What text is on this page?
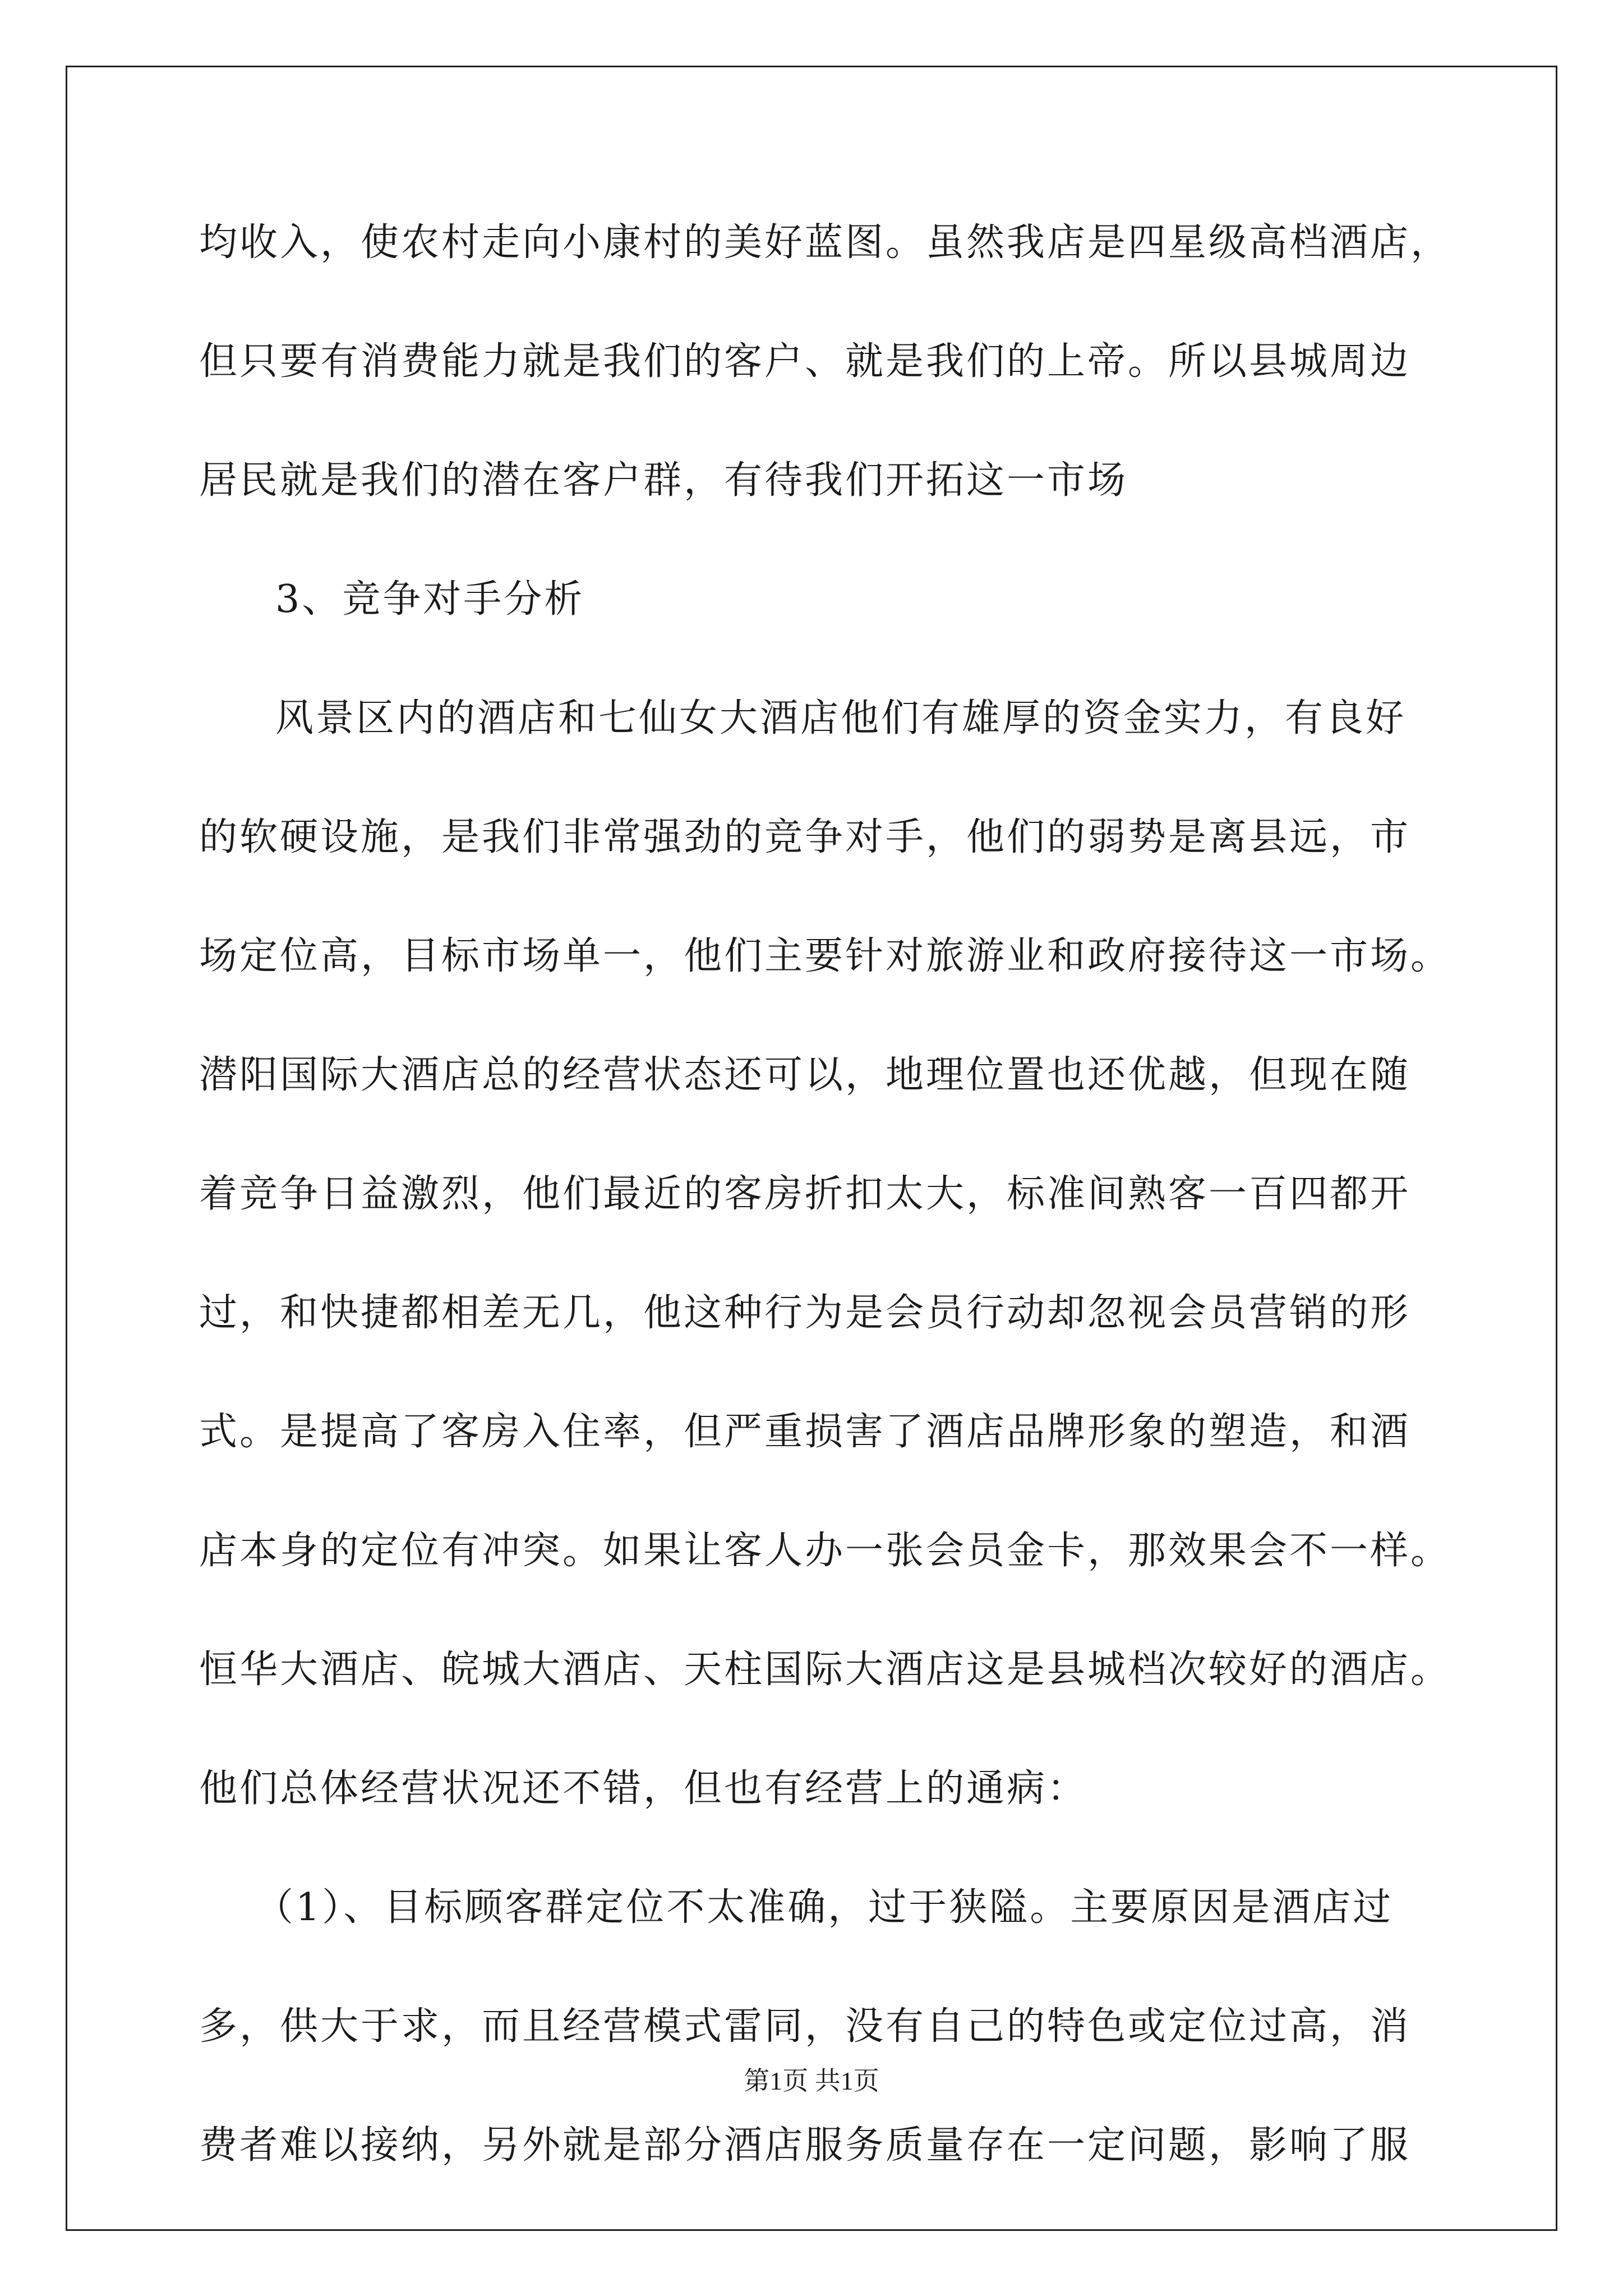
均收入，使农村走向小康村的美好蓝图。虽然我店是四星级高档酒店，
但只要有消费能力就是我们的客户、就是我们的上帝。所以县城周边
居民就是我们的潜在客户群，有待我们开拓这一市场
3、竞争对手分析
风景区内的酒店和七仙女大酒店他们有雄厚的资金实力，有良好
的软硬设施，是我们非常强劲的竞争对手，他们的弱势是离县远，市
场定位高，目标市场单一，他们主要针对旅游业和政府接待这一市场。
潜阳国际大酒店总的经营状态还可以，地理位置也还优越，但现在随
着竞争日益激烈，他们最近的客房折扣太大，标准间熟客一百四都开
过，和快捷都相差无几，他这种行为是会员行动却忽视会员营销的形
式。是提高了客房入住率，但严重损害了酒店品牌形象的塑造，和酒
店本身的定位有冲突。如果让客人办一张会员金卡，那效果会不一样。
恒华大酒店、皖城大酒店、天柱国际大酒店这是县城档次较好的酒店。
他们总体经营状况还不错，但也有经营上的通病：
（1）、目标顾客群定位不太准确，过于狭隘。主要原因是酒店过
多，供大于求，而且经营模式雷同，没有自己的特色或定位过高，消
费者难以接纳，另外就是部分酒店服务质量存在一定问题，影响了服
第1页 共1页
